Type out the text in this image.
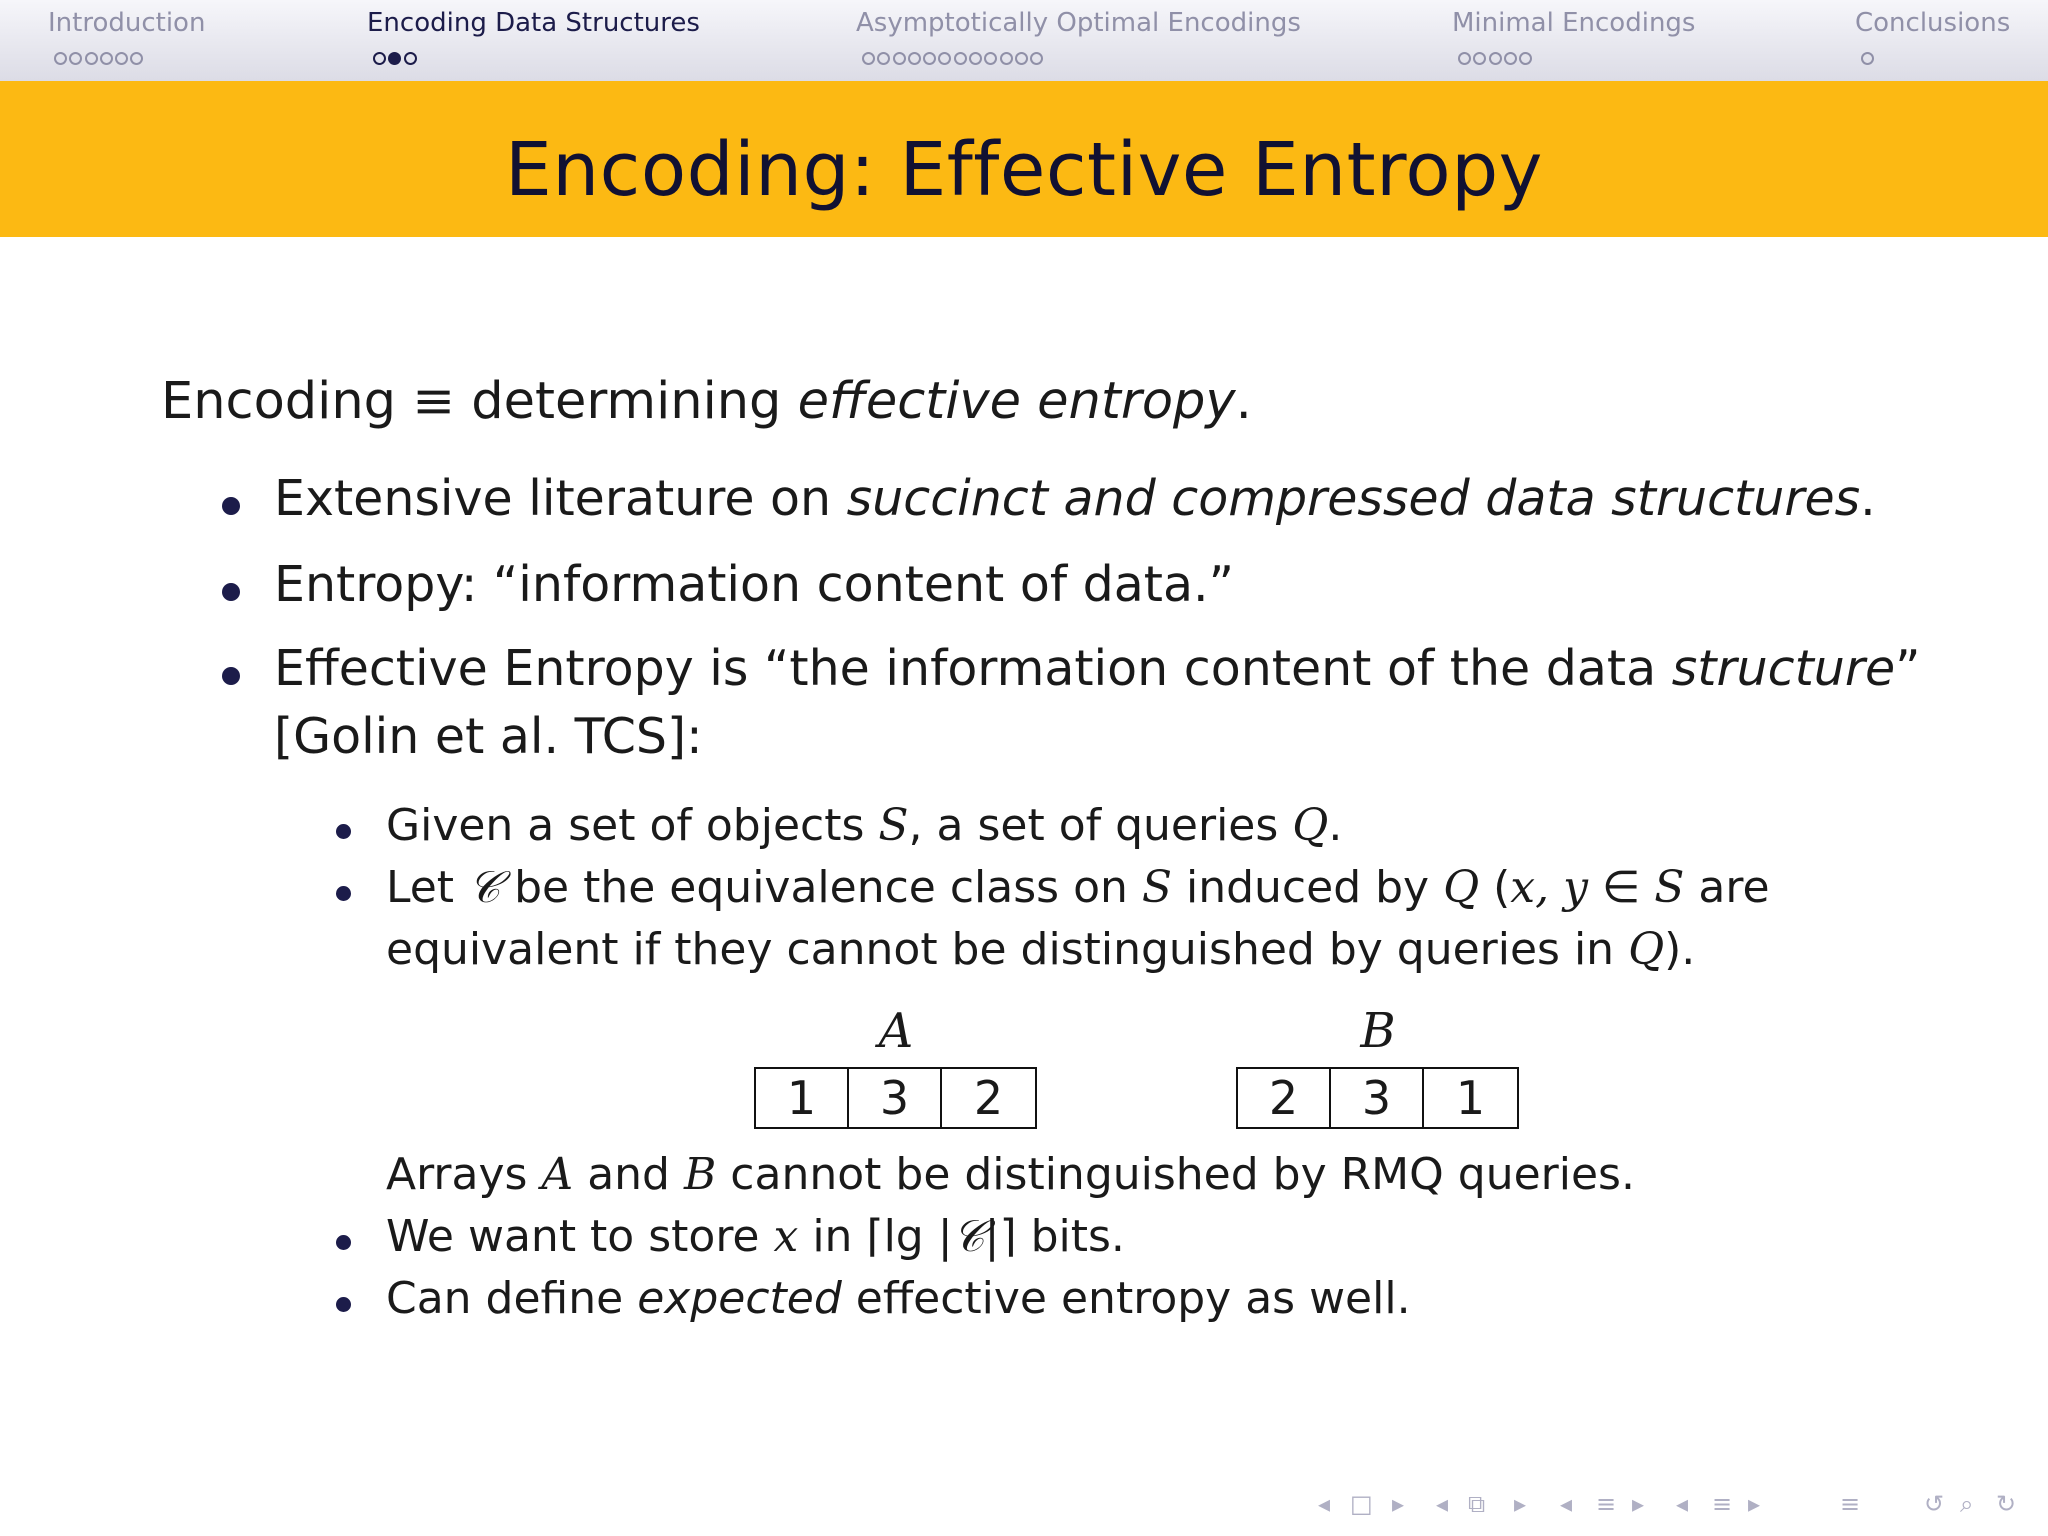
Introduction	Encoding Data Structures	Asymptotically Optimal Encodings	Minimal Encodings	Conclusions
Encoding: Effective Entropy
Encoding ≡ determining effective entropy.
Extensive literature on succinct and compressed data structures.
Entropy: “information content of data.”
Effective Entropy is “the information content of the data structure”
[Golin et al. TCS]:
Given a set of objects S, a set of queries Q.
Let 𝒞 be the equivalence class on S induced by Q (x, y ∈ S are
equivalent if they cannot be distinguished by queries in Q).
A
1	3	2
B
2	3	1
Arrays A and B cannot be distinguished by RMQ queries.
We want to store x in ⌈lg |𝒞|⌉ bits.
Can define expected effective entropy as well.
◂ □ ▸ ◂ ⧉ ▸ ◂ ≡ ▸ ◂ ≡ ▸	≡	↺ ⌕ ↻
